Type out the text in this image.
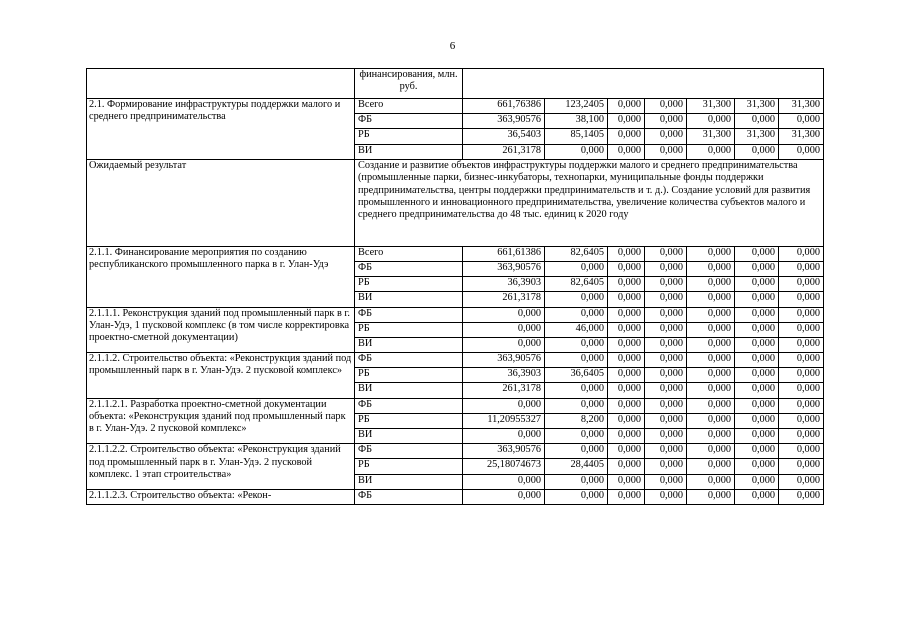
6
	финансирования, млн. руб.							
2.1. Формирование инфраструктуры поддержки малого и среднего предпринимательства	Всего	661,76386	123,2405	0,000	0,000	31,300	31,300	31,300
	ФБ	363,90576	38,100	0,000	0,000	0,000	0,000	0,000
	РБ	36,5403	85,1405	0,000	0,000	31,300	31,300	31,300
	ВИ	261,3178	0,000	0,000	0,000	0,000	0,000	0,000
Ожидаемый результат	Создание и развитие объектов инфраструктуры поддержки малого и среднего предпринимательства (промышленные парки, бизнес-инкубаторы, технопарки, муниципальные фонды поддержки предпринимательства, центры поддержки предпринимательств и т. д.). Создание условий для развития промышленного и инновационного предпринимательства, увеличение количества субъектов малого и среднего предпринимательства до 48 тыс. единиц к 2020 году							
2.1.1. Финансирование мероприятия по созданию республиканского промышленного парка в г. Улан-Удэ	Всего	661,61386	82,6405	0,000	0,000	0,000	0,000	0,000
	ФБ	363,90576	0,000	0,000	0,000	0,000	0,000	0,000
	РБ	36,3903	82,6405	0,000	0,000	0,000	0,000	0,000
	ВИ	261,3178	0,000	0,000	0,000	0,000	0,000	0,000
2.1.1.1. Реконструкция зданий под промышленный парк в г. Улан-Удэ, 1 пусковой комплекс (в том числе корректировка проектно-сметной документации)	ФБ	0,000	0,000	0,000	0,000	0,000	0,000	0,000
	РБ	0,000	46,000	0,000	0,000	0,000	0,000	0,000
	ВИ	0,000	0,000	0,000	0,000	0,000	0,000	0,000
2.1.1.2. Строительство объекта: «Реконструкция зданий под промышленный парк в г. Улан-Удэ. 2 пусковой комплекс»	ФБ	363,90576	0,000	0,000	0,000	0,000	0,000	0,000
	РБ	36,3903	36,6405	0,000	0,000	0,000	0,000	0,000
	ВИ	261,3178	0,000	0,000	0,000	0,000	0,000	0,000
2.1.1.2.1. Разработка проектно-сметной документации объекта: «Реконструкция зданий под промышленный парк в г. Улан-Удэ. 2 пусковой комплекс»	ФБ	0,000	0,000	0,000	0,000	0,000	0,000	0,000
	РБ	11,20955327	8,200	0,000	0,000	0,000	0,000	0,000
	ВИ	0,000	0,000	0,000	0,000	0,000	0,000	0,000
2.1.1.2.2. Строительство объекта: «Реконструкция зданий под промышленный парк в г. Улан-Удэ. 2 пусковой комплекс. 1 этап строительства»	ФБ	363,90576	0,000	0,000	0,000	0,000	0,000	0,000
	РБ	25,18074673	28,4405	0,000	0,000	0,000	0,000	0,000
	ВИ	0,000	0,000	0,000	0,000	0,000	0,000	0,000
2.1.1.2.3. Строительство объекта: «Рекон-	ФБ	0,000	0,000	0,000	0,000	0,000	0,000	0,000
